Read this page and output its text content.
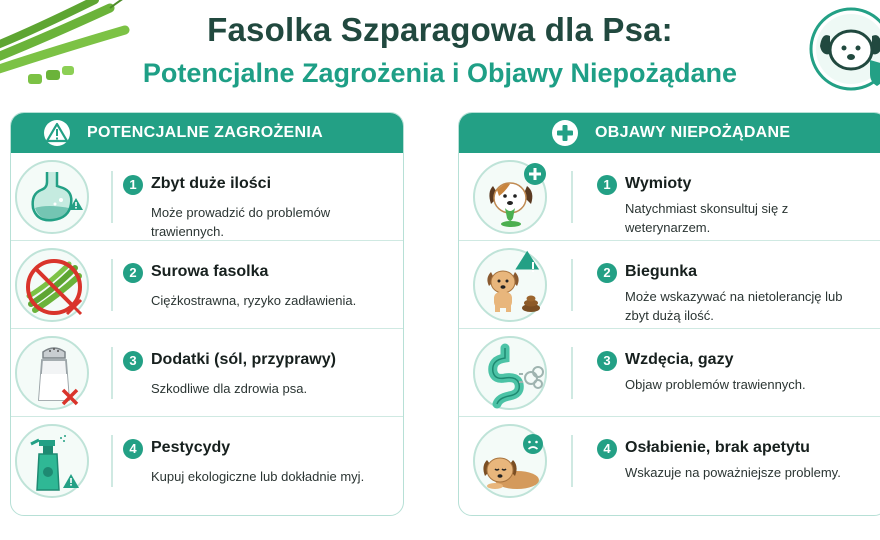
Fasolka Szparagowa dla Psa:
Potencjalne Zagrożenia i Objawy Niepożądane
POTENCJALNE ZAGROŻENIA
1 Zbyt duże ilości
Może prowadzić do problemów trawiennych.
2 Surowa fasolka
Ciężkostrawna, ryzyko zadławienia.
3 Dodatki (sól, przyprawy)
Szkodliwe dla zdrowia psa.
4 Pestycydy
Kupuj ekologiczne lub dokładnie myj.
OBJAWY NIEPOŻĄDANE
1 Wymioty
Natychmiast skonsultuj się z weterynarzem.
2 Biegunka
Może wskazywać na nietolerancję lub zbyt dużą ilość.
3 Wzdęcia, gazy
Objaw problemów trawiennych.
4 Osłabienie, brak apetytu
Wskazuje na poważniejsze problemy.
